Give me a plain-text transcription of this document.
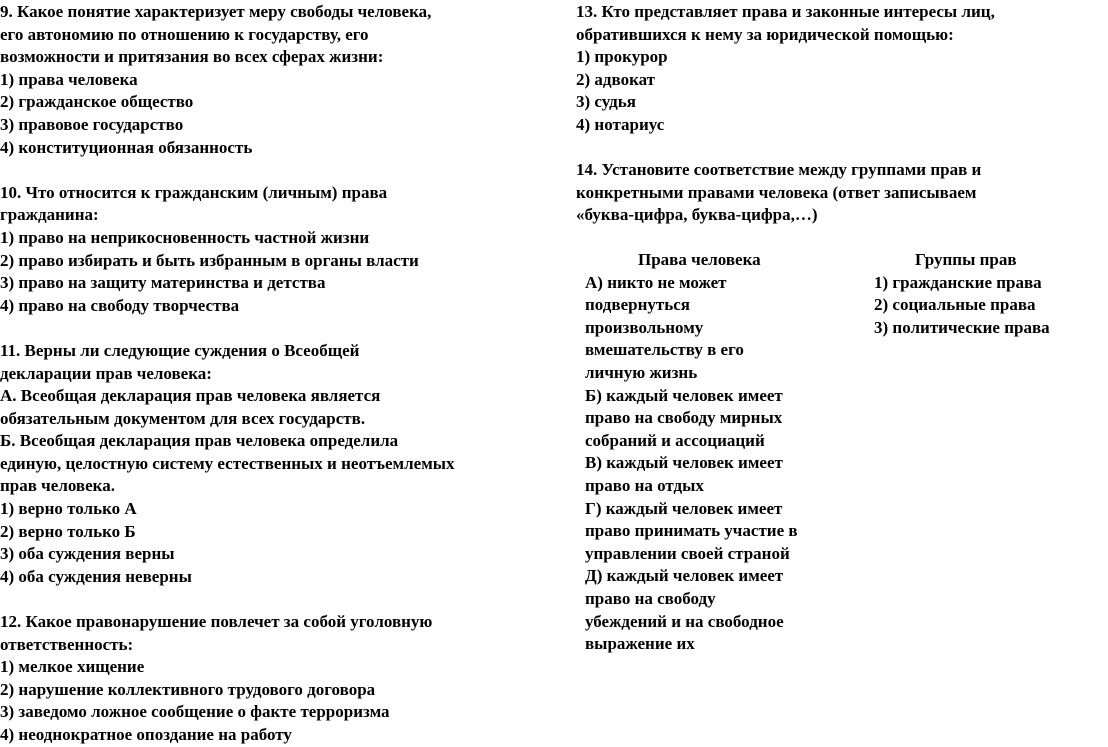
9. Какое понятие характеризует меру свободы человека,
его автономию по отношению к государству, его
возможности и притязания во всех сферах жизни:
1) права человека
2) гражданское общество
3) правовое государство
4) конституционная обязанность
10. Что относится к гражданским (личным) права
гражданина:
1) право на неприкосновенность частной жизни
2) право избирать и быть избранным в органы власти
3) право на защиту материнства и детства
4) право на свободу творчества
11. Верны ли следующие суждения о Всеобщей
декларации прав человека:
А. Всеобщая декларация прав человека является
обязательным документом для всех государств.
Б. Всеобщая декларация прав человека определила
единую, целостную систему естественных и неотъемлемых
прав человека.
1) верно только А
2) верно только Б
3) оба суждения верны
4) оба суждения неверны
12. Какое правонарушение повлечет за собой уголовную
ответственность:
1) мелкое хищение
2) нарушение коллективного трудового договора
3) заведомо ложное сообщение о факте терроризма
4) неоднократное опоздание на работу
13. Кто представляет права и законные интересы лиц,
обратившихся к нему за юридической помощью:
1) прокурор
2) адвокат
3) судья
4) нотариус
14. Установите соответствие между группами прав и
конкретными правами человека (ответ записываем
«буква-цифра, буква-цифра,…)
Права человека
А) никто не может
подвернуться
произвольному
вмешательству в его
личную жизнь
Б) каждый человек имеет
право на свободу мирных
собраний и ассоциаций
В) каждый человек имеет
право на отдых
Г) каждый человек имеет
право принимать участие в
управлении своей страной
Д) каждый человек имеет
право на свободу
убеждений и на свободное
выражение их
Группы прав
1) гражданские права
2) социальные права
3) политические права
